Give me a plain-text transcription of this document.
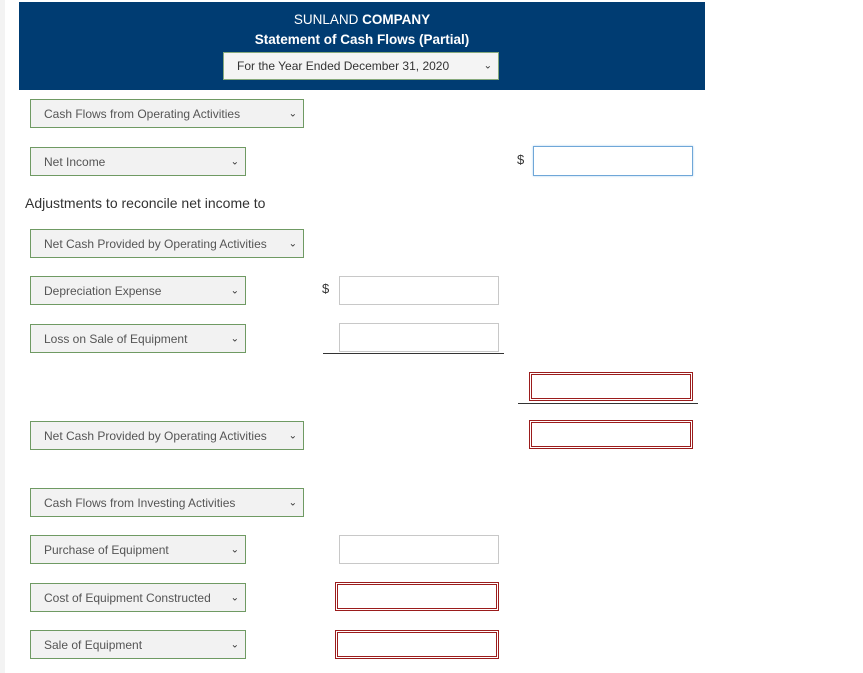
SUNLAND COMPANY
Statement of Cash Flows (Partial)
For the Year Ended December 31, 2020	⌄
Cash Flows from Operating Activities	⌄
Net Income	⌄	$
Adjustments to reconcile net income to
Net Cash Provided by Operating Activities ⌄
Depreciation Expense	⌄	$
Loss on Sale of Equipment	⌄
Net Cash Provided by Operating Activities ⌄
Cash Flows from Investing Activities	⌄
Purchase of Equipment	⌄
Cost of Equipment Constructed ⌄
Sale of Equipment	⌄
